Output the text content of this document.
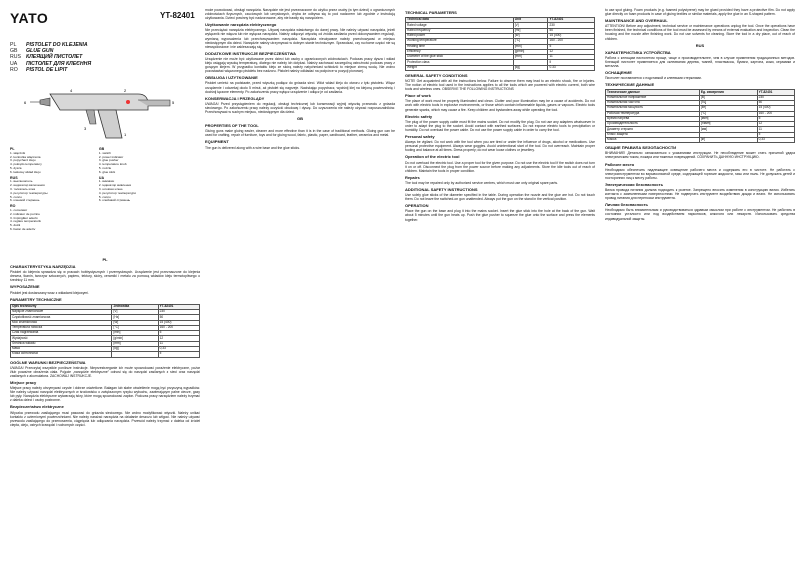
YATO	YT-82401
PL	PISTOLET DO KLEJENIA
GB	GLUE GUN
RUS КЛЕЯЩИЙ ПИСТОЛЕТ
UA	ПІСТОЛЕТ ДЛЯ КЛЕЄННЯ
RO	PISTOL DE LIPIT
6	5
2
3
1
4
PL
1. włącznik
2. kontrolka włączenia
3. popychacz kleju
4. pokrętło temperatury
5. dysza
6. laskowy wkład kleju

GB
1. switch
2. power indicator
3. glue pusher
4. temperature knob
5. nozzle
6. glue stick

RUS
1. выключатель
2. индикатор включения
3. толкатель клея
4. регулятор температуры
5. сопло
6. клеевой стержень

UA
1. вимикач
2. індикатор живлення
3. штовхач клею
4. регулятор температури
5. сопло
6. клейовий стрижень

RO
1. comutator
2. indicator de pornire
3. împingător adeziv
4. reglare temperatură
5. duză
6. baton de adeziv
PL
CHARAKTERYSTYKA NARZĘDZIA

Pistolet do klejenia sprawdza się w pracach hobbystycznych i przemysłowych. Urządzenie jest przeznaczone do klejenia drewna, tkanin, tworzyw sztucznych, papieru, tektury, skóry, ceramiki i metalu za pomocą wkładów kleju termotopliwego o średnicy 11 mm.

WYPOSAŻENIE

Pistolet jest dostarczany wraz z wkładami klejowymi.

PARAMETRY TECHNICZNE
Opis techniczny	Jednostka	YT-82401
Napięcie znamionowe	[V]	230
Częstotliwość znamionowa	[Hz]	50
Moc znamionowa	[W]	15 (400)
Temperatura robocza	[°C]	160 - 200
Czas nagrzewania	[min]	5
Wydajność	[g/min]	12
Średnica wkładu	[mm]	11
Masa	[kg]	0,33
Klasa ochronności		II
OGÓLNE WARUNKI BEZPIECZEŃSTWA

UWAGA! Przeczytaj wszystkie poniższe instrukcje. Nieprzestrzeganie ich może spowodować porażenie elektryczne, pożar i/lub poważne obrażenia ciała. Pojęcie „narzędzie elektryczne” odnosi się do narzędzi zasilanych z sieci oraz narzędzi zasilanych z akumulatora. ZACHOWAJ INSTRUKCJE.

Miejsce pracy

Miejsce pracy należy utrzymywać czyste i dobrze oświetlone. Bałagan lub słabe oświetlenie mogą być przyczyną wypadków. Nie należy używać narzędzi elektrycznych w środowisku o zwiększonym ryzyku wybuchu, zawierającym palne ciecze, gazy lub pyły. Narzędzia elektryczne wytwarzają iskry, które mogą spowodować zapłon. Podczas pracy narzędziem należy trzymać z daleka dzieci i osoby postronne.

Bezpieczeństwo elektryczne

Wtyczka przewodu zasilającego musi pasować do gniazda sieciowego. Nie wolno modyfikować wtyczki. Należy unikać kontaktu z uziemionymi powierzchniami. Nie należy narażać narzędzia na działanie deszczu lub wilgoci. Nie należy używać przewodu zasilającego do przenoszenia, ciągnięcia lub odłączania narzędzia. Przewód należy trzymać z daleka od źródeł ciepła, oleju, ostrych krawędzi i ruchomych części.

może powodować, obsługi narzędzia. Narzędzie nie jest przeznaczone do użytku przez osoby (w tym dzieci) o ograniczonych zdolnościach fizycznych, czuciowych lub umysłowych, chyba że odbywa się to pod nadzorem lub zgodnie z instrukcją użytkowania. Dzieci powinny być nadzorowane, aby nie bawiły się narzędziem.

Użytkowanie narzędzia elektrycznego

Nie przeciążać narzędzia elektrycznego. Używaj narzędzia właściwego do danej pracy. Nie należy używać narzędzia, jeżeli wyłącznik nie włącza lub nie wyłącza narzędzia. Należy odłączyć wtyczkę od źródła zasilania przed dokonywaniem regulacji, wymianą wyposażenia lub przechowywaniem narzędzia. Narzędzia nieużywane należy przechowywać w miejscu niedostępnym dla dzieci. Narzędzie należy utrzymywać w dobrym stanie technicznym. Sprawdzać, czy ruchome części nie są niewspółosiowe i nie zakleszczają się.

DODATKOWE INSTRUKCJE BEZPIECZEŃSTWA

Urządzenie nie może być użytkowane przez dzieci lub osoby o ograniczonych zdolnościach. Podczas pracy dysza i wkład kleju osiągają wysoką temperaturę, dlatego nie należy ich dotykać. Należy zachować szczególną ostrożność podczas pracy z gorącym klejem. W przypadku kontaktu kleju ze skórą należy natychmiast schłodzić to miejsce zimną wodą. Nie wolno pozostawiać włączonego pistoletu bez nadzoru. Pistolet należy odkładać na podpórce w pozycji pionowej.

OBSŁUGA I UŻYTKOWANIE

Pistolet umieść na podstawie, przed wtyczką podłącz do gniazda sieci. Włóż wkład kleju do otworu z tyłu pistoletu. Włącz urządzenie i odczekaj około 5 minut, aż pistolet się nagrzeje. Naciskając popychacz, wyciśnij klej na klejoną powierzchnię i dociśnij łączone elementy. Po zakończeniu pracy wyłącz urządzenie i odłącz je od zasilania.

KONSERWACJA I PRZEGLĄDY

UWAGA! Przed przystąpieniem do regulacji, obsługi technicznej lub konserwacji wyjmij wtyczkę przewodu z gniazda sieciowego. Po zakończeniu pracy należy oczyścić obudowę i dyszę. Do czyszczenia nie należy używać rozpuszczalników. Przechowywać w suchym miejscu, niedostępnym dla dzieci.

GB
PROPERTIES OF THE TOOL

Gluing guns make gluing easier, cleaner and more effective than it is in the case of traditional methods. Gluing gun can be used for crafting, repair of furniture, toys and for gluing wood, fabric, plastic, paper, cardboard, leather, ceramics and metal.

EQUIPMENT

The gun is delivered along with a wire base and the glue sticks.

TECHNICAL PARAMETERS
Technical data	Unit	YT-82401
Rated voltage	[V]	230
Rated frequency	[Hz]	50
Rated power	[W]	15 (400)
Working temperature	[°C]	160 - 200
Heating time	[min]	5
Efficiency	[g/min]	12
Diameter of the glue stick	[mm]	11
Protection class		II
Weight	[kg]	0.33
GENERAL SAFETY CONDITIONS

NOTE! Get acquainted with all the instructions below. Failure to observe them may lead to an electric shock, fire or injuries. The notion of electric tool used in the instructions applies to all the tools which are powered with electric current, both wire tools and wireless ones. OBSERVE THE FOLLOWING INSTRUCTIONS

Place of work

The place of work must be properly illuminated and clean. Clutter and poor illumination may be a cause of accidents. Do not work with electric tools in explosive environments, or those which contain inflammable liquids, gases or vapours. Electric tools generate sparks, which may cause a fire. Keep children and bystanders away while operating the tool.

Electric safety

The plug of the power supply cable must fit the mains socket. Do not modify the plug. Do not use any adapters whatsoever in order to adapt the plug to the socket. Avoid contact with earthed surfaces. Do not expose electric tools to precipitation or humidity. Do not overload the power cable. Do not use the power supply cable in order to carry the tool.

Personal safety

Always be vigilant. Do not work with the tool when you are tired or under the influence of drugs, alcohol or medications. Use personal protective equipment. Always wear goggles. Avoid unintentional start of the tool. Do not overreach. Maintain proper footing and balance at all times. Dress properly; do not wear loose clothes or jewellery.

Operation of the electric tool

Do not overload the electric tool. Use a proper tool for the given purpose. Do not use the electric tool if the switch does not turn it on or off. Disconnect the plug from the power source before making any adjustments. Store the idle tools out of reach of children. Maintain the tools in proper condition.

Repairs

The tool may be repaired only by authorized service centres, which must use only original spare parts.

ADDITIONAL SAFETY INSTRUCTIONS

Use solely glue sticks of the diameter specified in the table. During operation the nozzle and the glue are hot. Do not touch them. Do not leave the switched-on gun unattended. Always put the gun on the stand in the vertical position.

OPERATION

Place the gun on the base and plug it into the mains socket. Insert the glue stick into the hole at the back of the gun. Wait about 5 minutes until the gun heats up. Push the glue pusher to squeeze the glue onto the surface and press the elements together.

to use spot gluing. Foam products (e.g. foamed polystyrene) may be glued provided they have a protective film. Do not apply glue directly on foam products in case of gluing textiles or similar materials, apply the glue in an S-shaped pattern.

MAINTENANCE AND OVERHAUL

ATTENTION! Before any adjustment, technical service or maintenance operations unplug the tool. Once the operations have been finished, the technical conditions of the tool must be assessed by means of external evaluation and inspection. Clean the housing and the nozzle after finishing work. Do not use solvents for cleaning. Store the tool in a dry place, out of reach of children.

RUS
ХАРАКТЕРИСТИКА УСТРОЙСТВА

Работа с клеящим пистолетом проще, чище и производительнее, чем в случае применения традиционных методов. Клеящий пистолет применяется для склеивания дерева, тканей, пластмассы, бумаги, картона, кожи, керамики и металла.

ОСНАЩЕНИЕ

Пистолет поставляется с подставкой и клеевыми стержнями.

ТЕХНИЧЕСКИЕ ДАННЫЕ
Технические данные	Ед. измерения	YT-82401
Номинальное напряжение	[В]	230
Номинальная частота	[Гц]	50
Номинальная мощность	[Вт]	15 (400)
Рабочая температура	[°C]	160 - 200
Время нагрева	[мин]	5
Производительность	[г/мин]	12
Диаметр стержня	[мм]	11
Класс защиты		II
Масса	[кг]	0,33
ОБЩИЕ ПРАВИЛА БЕЗОПАСНОСТИ

ВНИМАНИЕ! Детально ознакомиться с указаниями инструкции. Не несоблюдение может стать причиной удара электрическим током, пожара или тяжелых повреждений. СОХРАНИТЬ ДАННУЮ ИНСТРУКЦИЮ.

Рабочее место

Необходимо обеспечить надлежащее освещение рабочего места и содержать его в чистоте. Не работать с электроинструментом во взрывоопасной среде, содержащей горючие жидкости, газы или пыль. Не допускать детей и посторонних лиц к месту работы.

Электрическая безопасность

Вилка провода питания должна подходить к розетке. Запрещено вносить изменения в конструкцию вилки. Избегать контакта с заземленными поверхностями. Не подвергать инструмент воздействию дождя и влаги. Не использовать провод питания для переноски инструмента.

Личная безопасность

Необходимо быть внимательным и руководствоваться здравым смыслом при работе с инструментом. Не работать в состоянии усталости или под воздействием наркотиков, алкоголя или лекарств. Использовать средства индивидуальной защиты.
